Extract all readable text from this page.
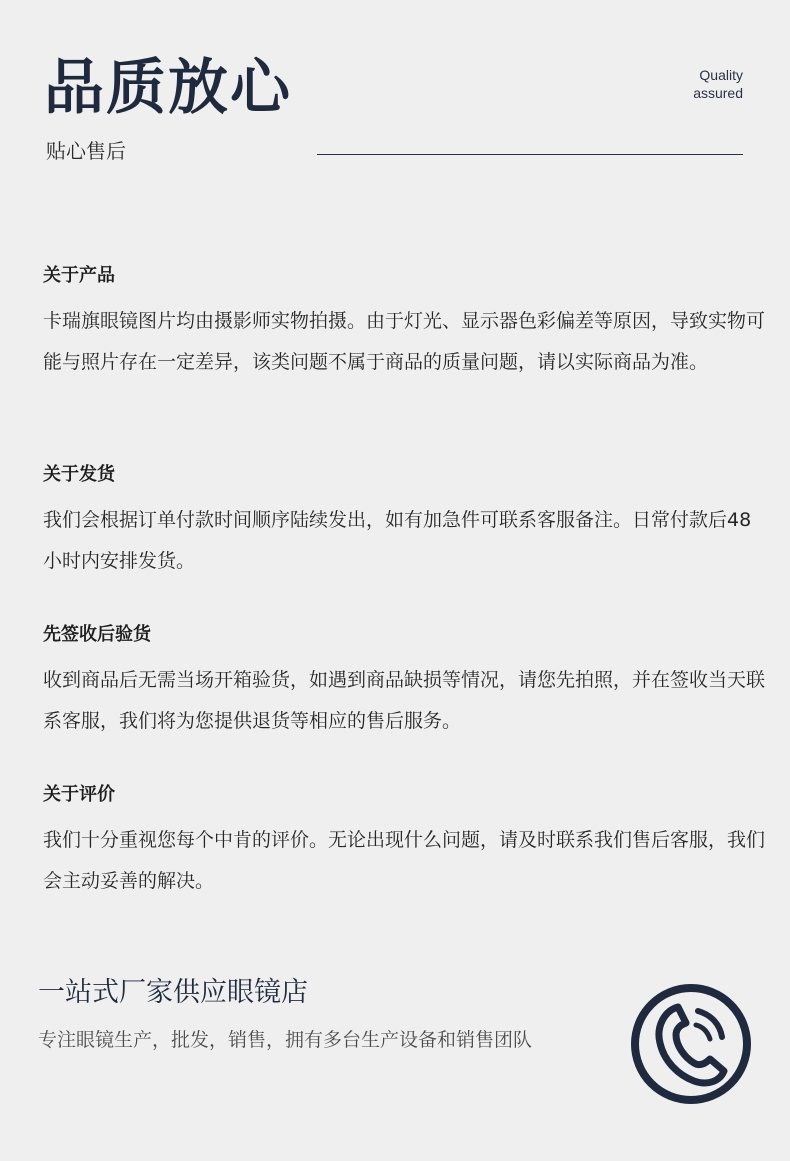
品质放心
贴心售后
Quality
assured
关于产品

卡瑞旗眼镜图片均由摄影师实物拍摄。由于灯光、显示器色彩偏差等原因，导致实物可能与照片存在一定差异，该类问题不属于商品的质量问题，请以实际商品为准。

关于发货

我们会根据订单付款时间顺序陆续发出，如有加急件可联系客服备注。日常付款后48小时内安排发货。

先签收后验货

收到商品后无需当场开箱验货，如遇到商品缺损等情况，请您先拍照，并在签收当天联系客服，我们将为您提供退货等相应的售后服务。

关于评价

我们十分重视您每个中肯的评价。无论出现什么问题，请及时联系我们售后客服，我们会主动妥善的解决。

一站式厂家供应眼镜店
专注眼镜生产，批发，销售，拥有多台生产设备和销售团队
